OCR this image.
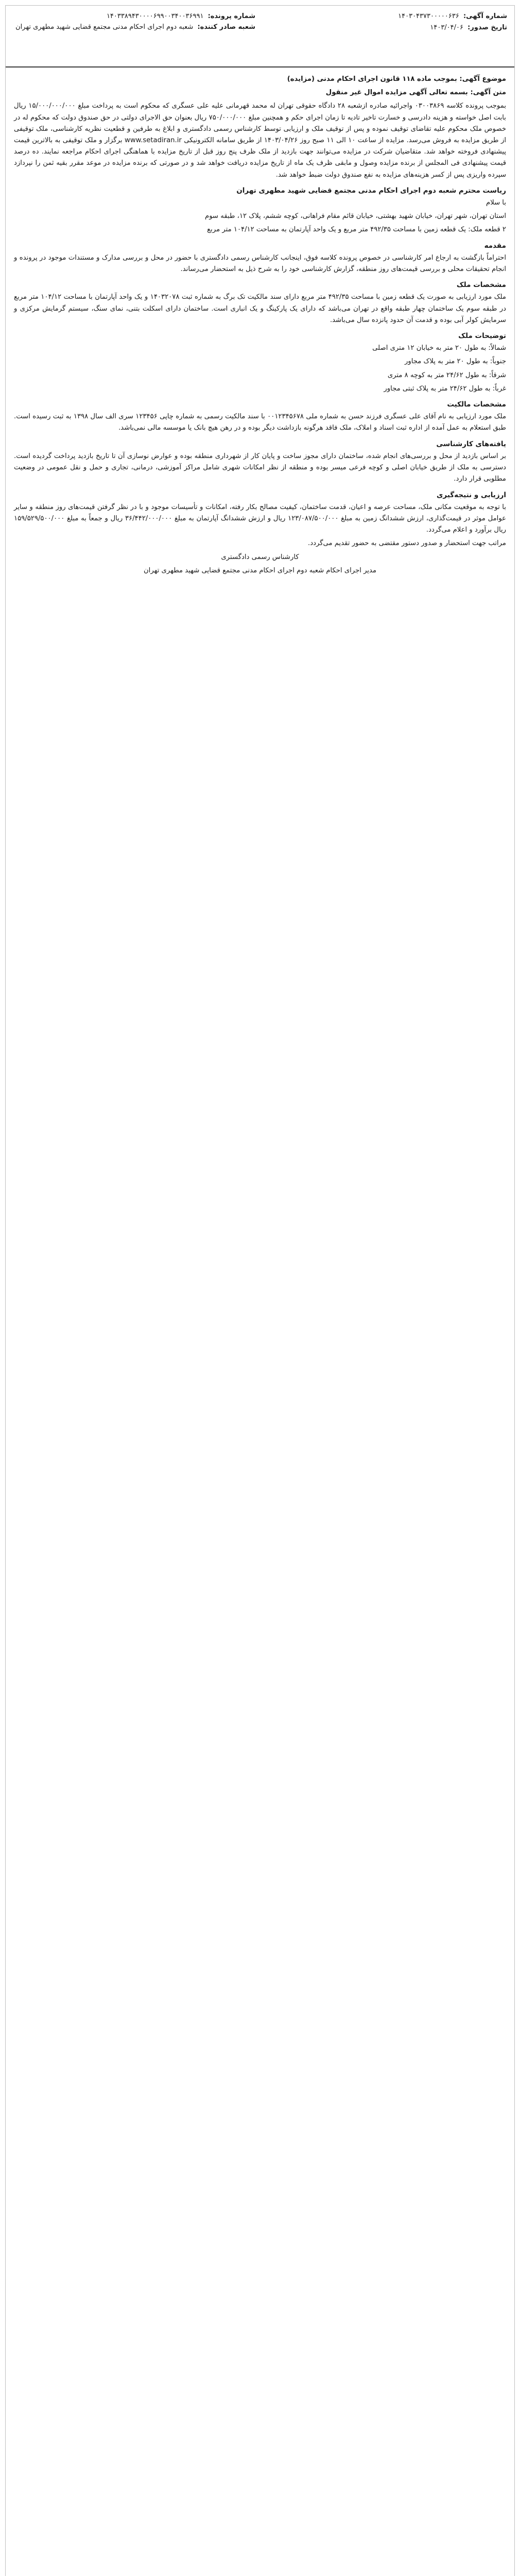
شماره آگهی: ۱۴۰۳۰۴۳۷۳۰۰۰۰۰۶۳۶
تاریخ صدور: ۱۴۰۳/۰۴/۰۶
شماره پرونده: ۱۴۰۳۳۸۹۴۳۰۰۰۰۶۹۹۰۰۳۴۰۰۳۶۹۹۱
شعبه صادر کننده: شعبه دوم اجرای احکام مدنی مجتمع قضایی شهید مطهری تهران

موضوع آگهی: بموجب ماده ۱۱۸ قانون اجرای احکام مدنی (مزایده)

متن آگهی: بسمه تعالی آگهی مزایده اموال غیر منقول

بموجب پرونده کلاسه ۰۳۰۰۳۸۶۹ واجرائیه صادره ازشعبه ۲۸ دادگاه حقوقی تهران له محمد قهرمانی علیه علی عسگری که محکوم است به پرداخت مبلغ ۱۵/۰۰۰/۰۰۰/۰۰۰ ریال بابت اصل خواسته و هزینه دادرسی و خسارت تاخیر تادیه تا زمان اجرای حکم و همچنین مبلغ ۷۵۰/۰۰۰/۰۰۰ ریال بعنوان حق الاجرای دولتی در حق صندوق دولت که محکوم له در خصوص ملک محکوم علیه تقاضای توقیف نموده و پس از توقیف ملک و ارزیابی توسط کارشناس رسمی دادگستری و ابلاغ به طرفین و قطعیت نظریه کارشناسی، ملک توقیفی از طریق مزایده به فروش می‌رسد. مزایده از ساعت ۱۰ الی ۱۱ صبح روز ۱۴۰۳/۰۴/۲۶ از طریق سامانه الکترونیکی www.setadiran.ir برگزار و ملک توقیفی به بالاترین قیمت پیشنهادی فروخته خواهد شد. متقاضیان شرکت در مزایده می‌توانند جهت بازدید از ملک ظرف پنج روز قبل از تاریخ مزایده با هماهنگی اجرای احکام مراجعه نمایند. ده درصد قیمت پیشنهادی فی المجلس از برنده مزایده وصول و مابقی ظرف یک ماه از تاریخ مزایده دریافت خواهد شد و در صورتی که برنده مزایده در موعد مقرر بقیه ثمن را نپردازد سپرده واریزی پس از کسر هزینه‌های مزایده به نفع صندوق دولت ضبط خواهد شد.

ریاست محترم شعبه دوم اجرای احکام مدنی مجتمع قضایی شهید مطهری تهران

با سلام

استان تهران، شهر تهران، خیابان شهید بهشتی، خیابان قائم مقام فراهانی، کوچه ششم، پلاک ۱۲، طبقه سوم

۲ قطعه ملک: یک قطعه زمین با مساحت ۴۹۲/۳۵ متر مربع و یک واحد آپارتمان به مساحت ۱۰۴/۱۲ متر مربع

مقدمه

احتراماً بازگشت به ارجاع امر کارشناسی در خصوص پرونده کلاسه فوق، اینجانب کارشناس رسمی دادگستری با حضور در محل و بررسی مدارک و مستندات موجود در پرونده و انجام تحقیقات محلی و بررسی قیمت‌های روز منطقه، گزارش کارشناسی خود را به شرح ذیل به استحضار می‌رساند.

مشخصات ملک

ملک مورد ارزیابی به صورت یک قطعه زمین با مساحت ۴۹۲/۳۵ متر مربع دارای سند مالکیت تک برگ به شماره ثبت ۱۴۰۳۲۰۷۸ و یک واحد آپارتمان با مساحت ۱۰۴/۱۲ متر مربع در طبقه سوم یک ساختمان چهار طبقه واقع در تهران می‌باشد که دارای یک پارکینگ و یک انباری است. ساختمان دارای اسکلت بتنی، نمای سنگ، سیستم گرمایش مرکزی و سرمایش کولر آبی بوده و قدمت آن حدود پانزده سال می‌باشد.

توضیحات ملک

شمالاً: به طول ۲۰ متر به خیابان ۱۲ متری اصلی

جنوباً: به طول ۲۰ متر به پلاک مجاور

شرقاً: به طول ۲۴/۶۲ متر به کوچه ۸ متری

غرباً: به طول ۲۴/۶۲ متر به پلاک ثبتی مجاور

مشخصات مالکیت

ملک مورد ارزیابی به نام آقای علی عسگری فرزند حسن به شماره ملی ۰۰۱۲۳۴۵۶۷۸ با سند مالکیت رسمی به شماره چاپی ۱۲۳۴۵۶ سری الف سال ۱۳۹۸ به ثبت رسیده است. طبق استعلام به عمل آمده از اداره ثبت اسناد و املاک، ملک فاقد هرگونه بازداشت دیگر بوده و در رهن هیچ بانک یا موسسه مالی نمی‌باشد.

یافته‌های کارشناسی

بر اساس بازدید از محل و بررسی‌های انجام شده، ساختمان دارای مجوز ساخت و پایان کار از شهرداری منطقه بوده و عوارض نوسازی آن تا تاریخ بازدید پرداخت گردیده است. دسترسی به ملک از طریق خیابان اصلی و کوچه فرعی میسر بوده و منطقه از نظر امکانات شهری شامل مراکز آموزشی، درمانی، تجاری و حمل و نقل عمومی در وضعیت مطلوبی قرار دارد.

ارزیابی و نتیجه‌گیری

با توجه به موقعیت مکانی ملک، مساحت عرصه و اعیان، قدمت ساختمان، کیفیت مصالح بکار رفته، امکانات و تأسیسات موجود و با در نظر گرفتن قیمت‌های روز منطقه و سایر عوامل موثر در قیمت‌گذاری، ارزش ششدانگ زمین به مبلغ ۱۲۳/۰۸۷/۵۰۰/۰۰۰ ریال و ارزش ششدانگ آپارتمان به مبلغ ۳۶/۴۴۲/۰۰۰/۰۰۰ ریال و جمعاً به مبلغ ۱۵۹/۵۲۹/۵۰۰/۰۰۰ ریال برآورد و اعلام می‌گردد.

مراتب جهت استحضار و صدور دستور مقتضی به حضور تقدیم می‌گردد.

کارشناس رسمی دادگستری

مدیر اجرای احکام شعبه دوم اجرای احکام مدنی مجتمع قضایی شهید مطهری تهران
